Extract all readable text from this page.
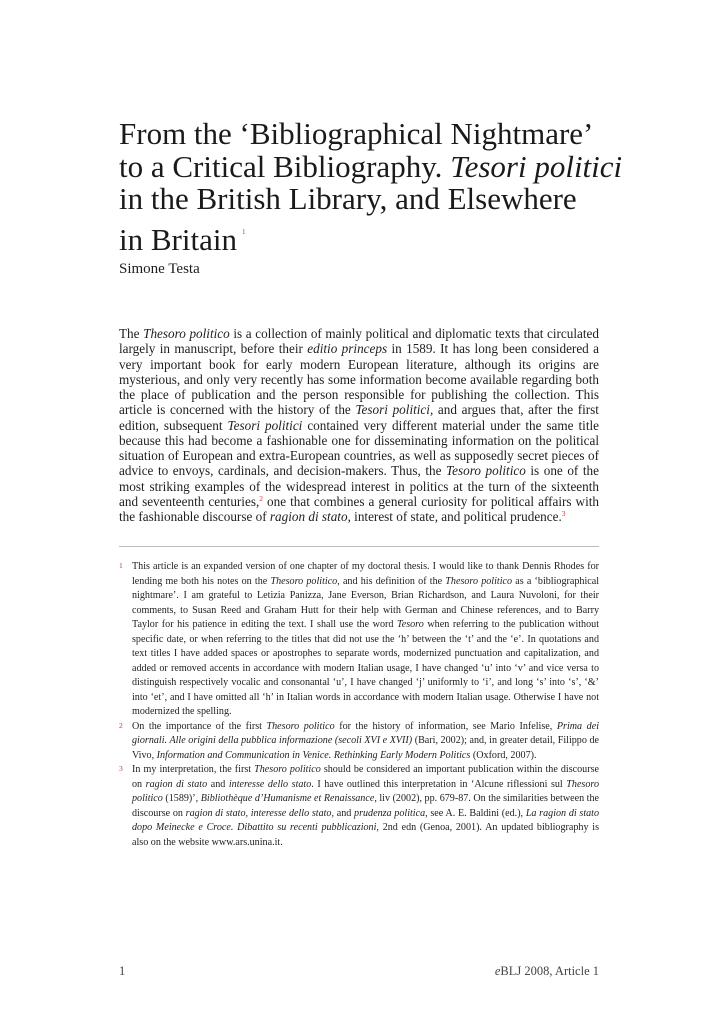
From the ‘Bibliographical Nightmare’
to a Critical Bibliography. Tesori politici
in the British Library, and Elsewhere
in Britain $^1$

Simone Testa

The Thesoro politico is a collection of mainly political and diplomatic texts that circulated largely in manuscript, before their editio princeps in 1589. It has long been considered a very important book for early modern European literature, although its origins are mysterious, and only very recently has some information become available regarding both the place of publication and the person responsible for publishing the collection. This article is concerned with the history of the Tesori politici, and argues that, after the first edition, subsequent Tesori politici contained very different material under the same title because this had become a fashionable one for disseminating information on the political situation of European and extra-European countries, as well as supposedly secret pieces of advice to envoys, cardinals, and decision-makers. Thus, the Tesoro politico is one of the most striking examples of the widespread interest in politics at the turn of the sixteenth and seventeenth centuries,$^2$ one that combines a general curiosity for political affairs with the fashionable discourse of ragion di stato, interest of state, and political prudence.$^3$

1 This article is an expanded version of one chapter of my doctoral thesis. I would like to thank Dennis Rhodes for lending me both his notes on the Thesoro politico, and his definition of the Thesoro politico as a ‘bibliographical nightmare’. I am grateful to Letizia Panizza, Jane Everson, Brian Richardson, and Laura Nuvoloni, for their comments, to Susan Reed and Graham Hutt for their help with German and Chinese references, and to Barry Taylor for his patience in editing the text. I shall use the word Tesoro when referring to the publication without specific date, or when referring to the titles that did not use the ‘h’ between the ‘t’ and the ‘e’. In quotations and text titles I have added spaces or apostrophes to separate words, modernized punctuation and capitalization, and added or removed accents in accordance with modern Italian usage, I have changed ‘u’ into ‘v’ and vice versa to distinguish respectively vocalic and consonantal ‘u’, I have changed ‘j’ uniformly to ‘i’, and long ‘s’ into ‘s’, ‘&’ into ‘et’, and I have omitted all ‘h’ in Italian words in accordance with modern Italian usage. Otherwise I have not modernized the spelling.
2 On the importance of the first Thesoro politico for the history of information, see Mario Infelise, Prima dei giornali. Alle origini della pubblica informazione (secoli XVI e XVII) (Bari, 2002); and, in greater detail, Filippo de Vivo, Information and Communication in Venice. Rethinking Early Modern Politics (Oxford, 2007).
3 In my interpretation, the first Thesoro politico should be considered an important publication within the discourse on ragion di stato and interesse dello stato. I have outlined this interpretation in ‘Alcune riflessioni sul Thesoro politico (1589)’, Bibliothèque d’Humanisme et Renaissance, liv (2002), pp. 679-87. On the similarities between the discourse on ragion di stato, interesse dello stato, and prudenza politica, see A. E. Baldini (ed.), La ragion di stato dopo Meinecke e Croce. Dibattito su recenti pubblicazioni, 2nd edn (Genoa, 2001). An updated bibliography is also on the website www.ars.unina.it.
1	eBLJ 2008, Article 1
